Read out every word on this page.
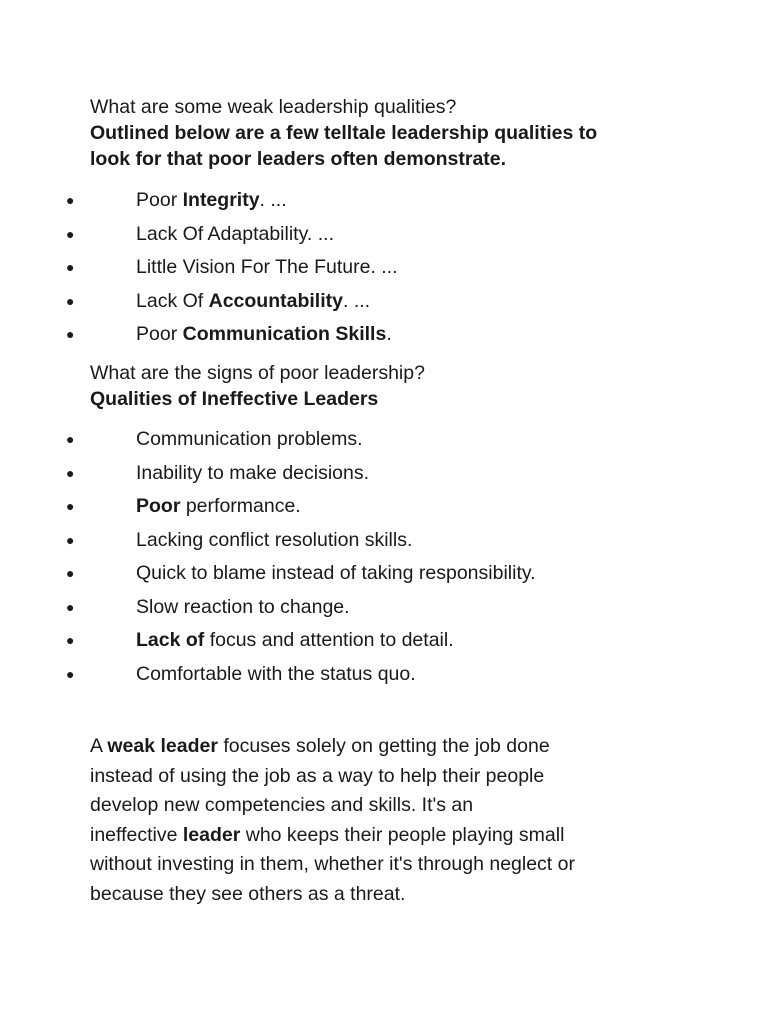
What are some weak leadership qualities?
Outlined below are a few telltale leadership qualities to
look for that poor leaders often demonstrate.
●	Poor Integrity. ...
●	Lack Of Adaptability. ...
●	Little Vision For The Future. ...
●	Lack Of Accountability. ...
●	Poor Communication Skills.
What are the signs of poor leadership?
Qualities of Ineffective Leaders
●	Communication problems.
●	Inability to make decisions.
●	Poor performance.
●	Lacking conflict resolution skills.
●	Quick to blame instead of taking responsibility.
●	Slow reaction to change.
●	Lack of focus and attention to detail.
●	Comfortable with the status quo.
A weak leader focuses solely on getting the job done
instead of using the job as a way to help their people
develop new competencies and skills. It's an
ineffective leader who keeps their people playing small
without investing in them, whether it's through neglect or
because they see others as a threat.
